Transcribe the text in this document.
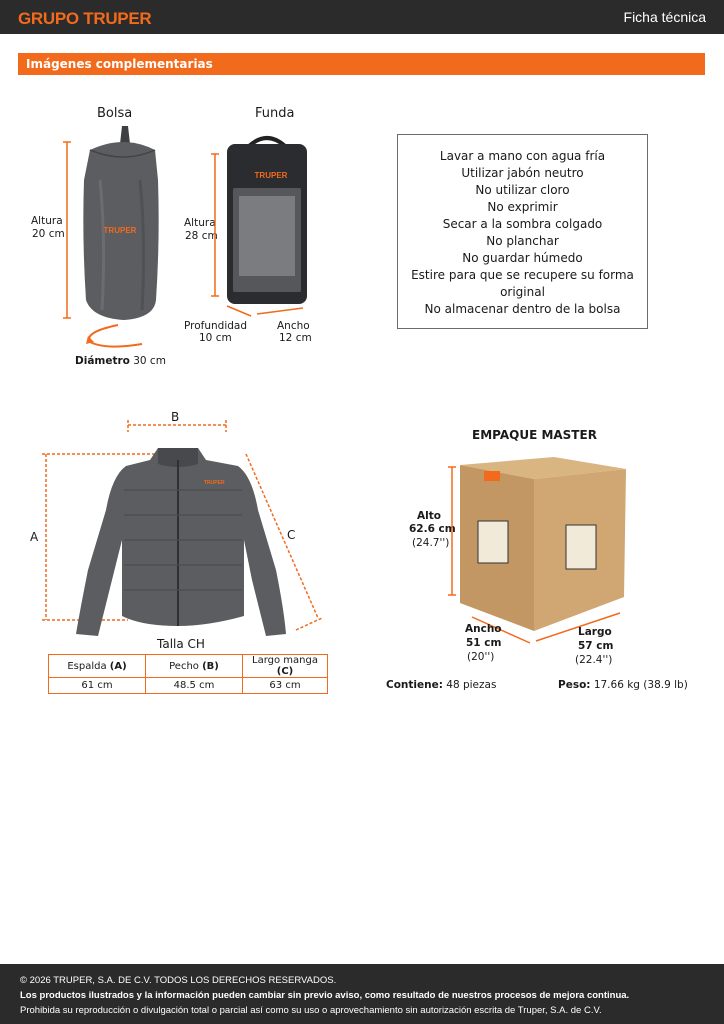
GRUPO TRUPER	Ficha técnica
Imágenes complementarias
Bolsa
Altura
20 cm	TRUPER
Diámetro 30 cm
Funda
Altura
28 cm
TRUPER
Profundidad
10 cm
Ancho
12 cm
Lavar a mano con agua fría
Utilizar jabón neutro
No utilizar cloro
No exprimir
Secar a la sombra colgado
No planchar
No guardar húmedo
Estire para que se recupere su forma
original
No almacenar dentro de la bolsa
B
A	C
TRUPER
Talla CH
Espalda (A)	Pecho (B)	Largo manga (C)
61 cm	48.5 cm	63 cm
EMPAQUE MASTER
Alto
62.6 cm
(24.7'')
Ancho
51 cm
(20'')
Largo
57 cm
(22.4'')
Contiene: 48 piezas	Peso: 17.66 kg (38.9 lb)
© 2026 TRUPER, S.A. DE C.V. TODOS LOS DERECHOS RESERVADOS.
Los productos ilustrados y la información pueden cambiar sin previo aviso, como resultado de nuestros procesos de mejora continua.
Prohibida su reproducción o divulgación total o parcial así como su uso o aprovechamiento sin autorización escrita de Truper, S.A. de C.V.
